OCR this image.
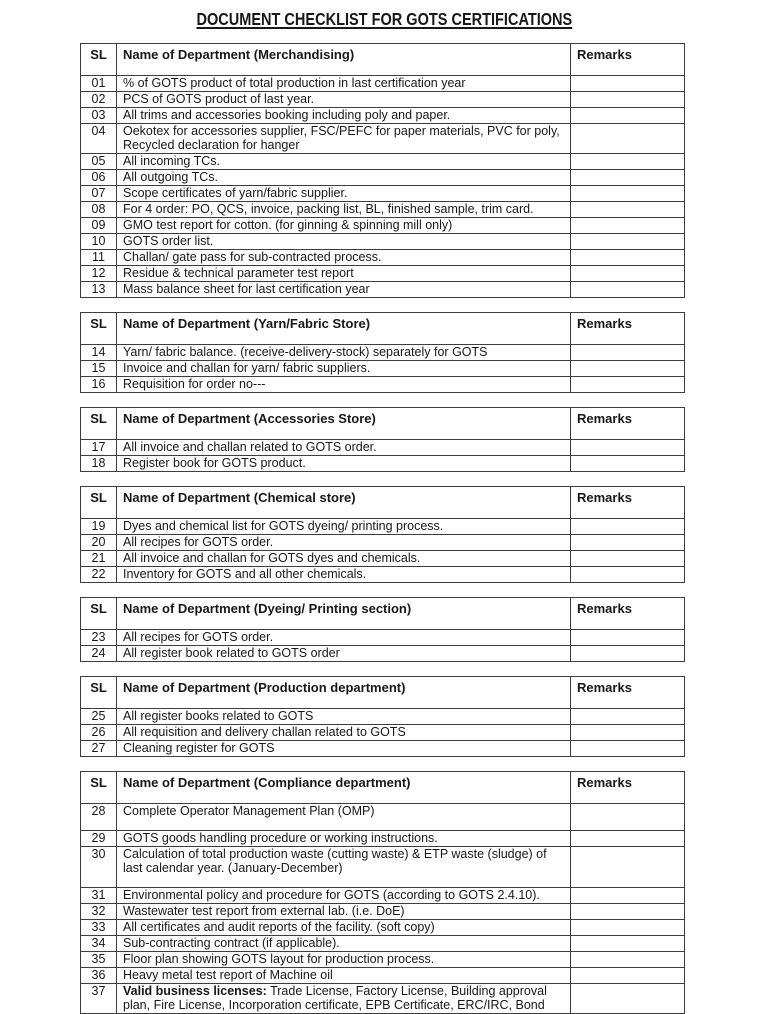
DOCUMENT CHECKLIST FOR GOTS CERTIFICATIONS
SL	Name of Department (Merchandising)	Remarks
01	% of GOTS product of total production in last certification year	
02	PCS of GOTS product of last year.	
03	All trims and accessories booking including poly and paper.	
04	Oekotex for accessories supplier, FSC/PEFC for paper materials, PVC for poly, Recycled declaration for hanger	
05	All incoming TCs.	
06	All outgoing TCs.	
07	Scope certificates of yarn/fabric supplier.	
08	For 4 order: PO, QCS, invoice, packing list, BL, finished sample, trim card.	
09	GMO test report for cotton. (for ginning & spinning mill only)	
10	GOTS order list.	
11	Challan/ gate pass for sub-contracted process.	
12	Residue & technical parameter test report	
13	Mass balance sheet for last certification year	
SL	Name of Department (Yarn/Fabric Store)	Remarks
14	Yarn/ fabric balance. (receive-delivery-stock) separately for GOTS	
15	Invoice and challan for yarn/ fabric suppliers.	
16	Requisition for order no---	
SL	Name of Department (Accessories Store)	Remarks
17	All invoice and challan related to GOTS order.	
18	Register book for GOTS product.	
SL	Name of Department (Chemical store)	Remarks
19	Dyes and chemical list for GOTS dyeing/ printing process.	
20	All recipes for GOTS order.	
21	All invoice and challan for GOTS dyes and chemicals.	
22	Inventory for GOTS and all other chemicals.	
SL	Name of Department (Dyeing/ Printing section)	Remarks
23	All recipes for GOTS order.	
24	All register book related to GOTS order	
SL	Name of Department (Production department)	Remarks
25	All register books related to GOTS	
26	All requisition and delivery challan related to GOTS	
27	Cleaning register for GOTS	
SL	Name of Department (Compliance department)	Remarks
28	Complete Operator Management Plan (OMP)	
29	GOTS goods handling procedure or working instructions.	
30	Calculation of total production waste (cutting waste) & ETP waste (sludge) of last calendar year. (January-December)	
31	Environmental policy and procedure for GOTS (according to GOTS 2.4.10).	
32	Wastewater test report from external lab. (i.e. DoE)	
33	All certificates and audit reports of the facility. (soft copy)	
34	Sub-contracting contract (if applicable).	
35	Floor plan showing GOTS layout for production process.	
36	Heavy metal test report of Machine oil	
37	Valid business licenses: Trade License, Factory License, Building approval plan, Fire License, Incorporation certificate, EPB Certificate, ERC/IRC, Bond	
